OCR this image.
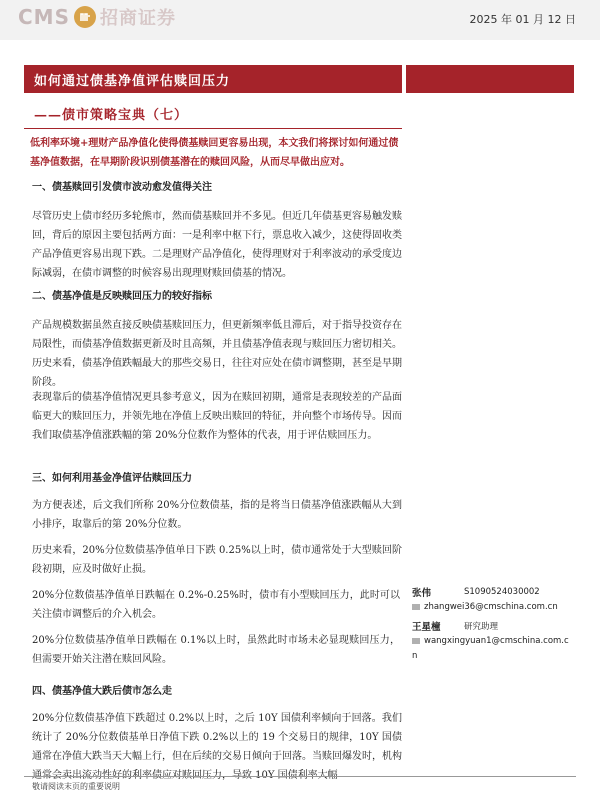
CMS 招商证券	2025 年 01 月 12 日
如何通过债基净值评估赎回压力
——债市策略宝典（七）
低利率环境+理财产品净值化使得债基赎回更容易出现，本文我们将探讨如何通过债基净值数据，在早期阶段识别债基潜在的赎回风险，从而尽早做出应对。
一、债基赎回引发债市波动愈发值得关注
尽管历史上债市经历多轮熊市，然而债基赎回并不多见。但近几年债基更容易触发赎回，背后的原因主要包括两方面：一是利率中枢下行，票息收入减少，这使得固收类产品净值更容易出现下跌。二是理财产品净值化，使得理财对于利率波动的承受度边际减弱，在债市调整的时候容易出现理财赎回债基的情况。
二、债基净值是反映赎回压力的较好指标
产品规模数据虽然直接反映债基赎回压力，但更新频率低且滞后，对于指导投资存在局限性，而债基净值数据更新及时且高频，并且债基净值表现与赎回压力密切相关。历史来看，债基净值跌幅最大的那些交易日，往往对应处在债市调整期，甚至是早期阶段。
表现靠后的债基净值情况更具参考意义，因为在赎回初期，通常是表现较差的产品面临更大的赎回压力，并领先地在净值上反映出赎回的特征，并向整个市场传导。因而我们取债基净值涨跌幅的第 20%分位数作为整体的代表，用于评估赎回压力。
三、如何利用基金净值评估赎回压力
为方便表述，后文我们所称 20%分位数债基，指的是将当日债基净值涨跌幅从大到小排序，取靠后的第 20%分位数。
历史来看，20%分位数债基净值单日下跌 0.25%以上时，债市通常处于大型赎回阶段初期，应及时做好止损。
20%分位数债基净值单日跌幅在 0.2%-0.25%时，债市有小型赎回压力，此时可以关注债市调整后的介入机会。
20%分位数债基净值单日跌幅在 0.1%以上时，虽然此时市场未必显现赎回压力，但需要开始关注潜在赎回风险。
四、债基净值大跌后债市怎么走
20%分位数债基净值下跌超过 0.2%以上时，之后 10Y 国债利率倾向于回落。我们统计了 20%分位数债基单日净值下跌 0.2%以上的 19 个交易日的规律，10Y 国债通常在净值大跌当天大幅上行，但在后续的交易日倾向于回落。当赎回爆发时，机构
张伟	S1090524030002
zhangwei36@cmschina.com.cn
王星橦	研究助理
wangxingyuan1@cmschina.com.c
n
敬请阅读末页的重要说明
